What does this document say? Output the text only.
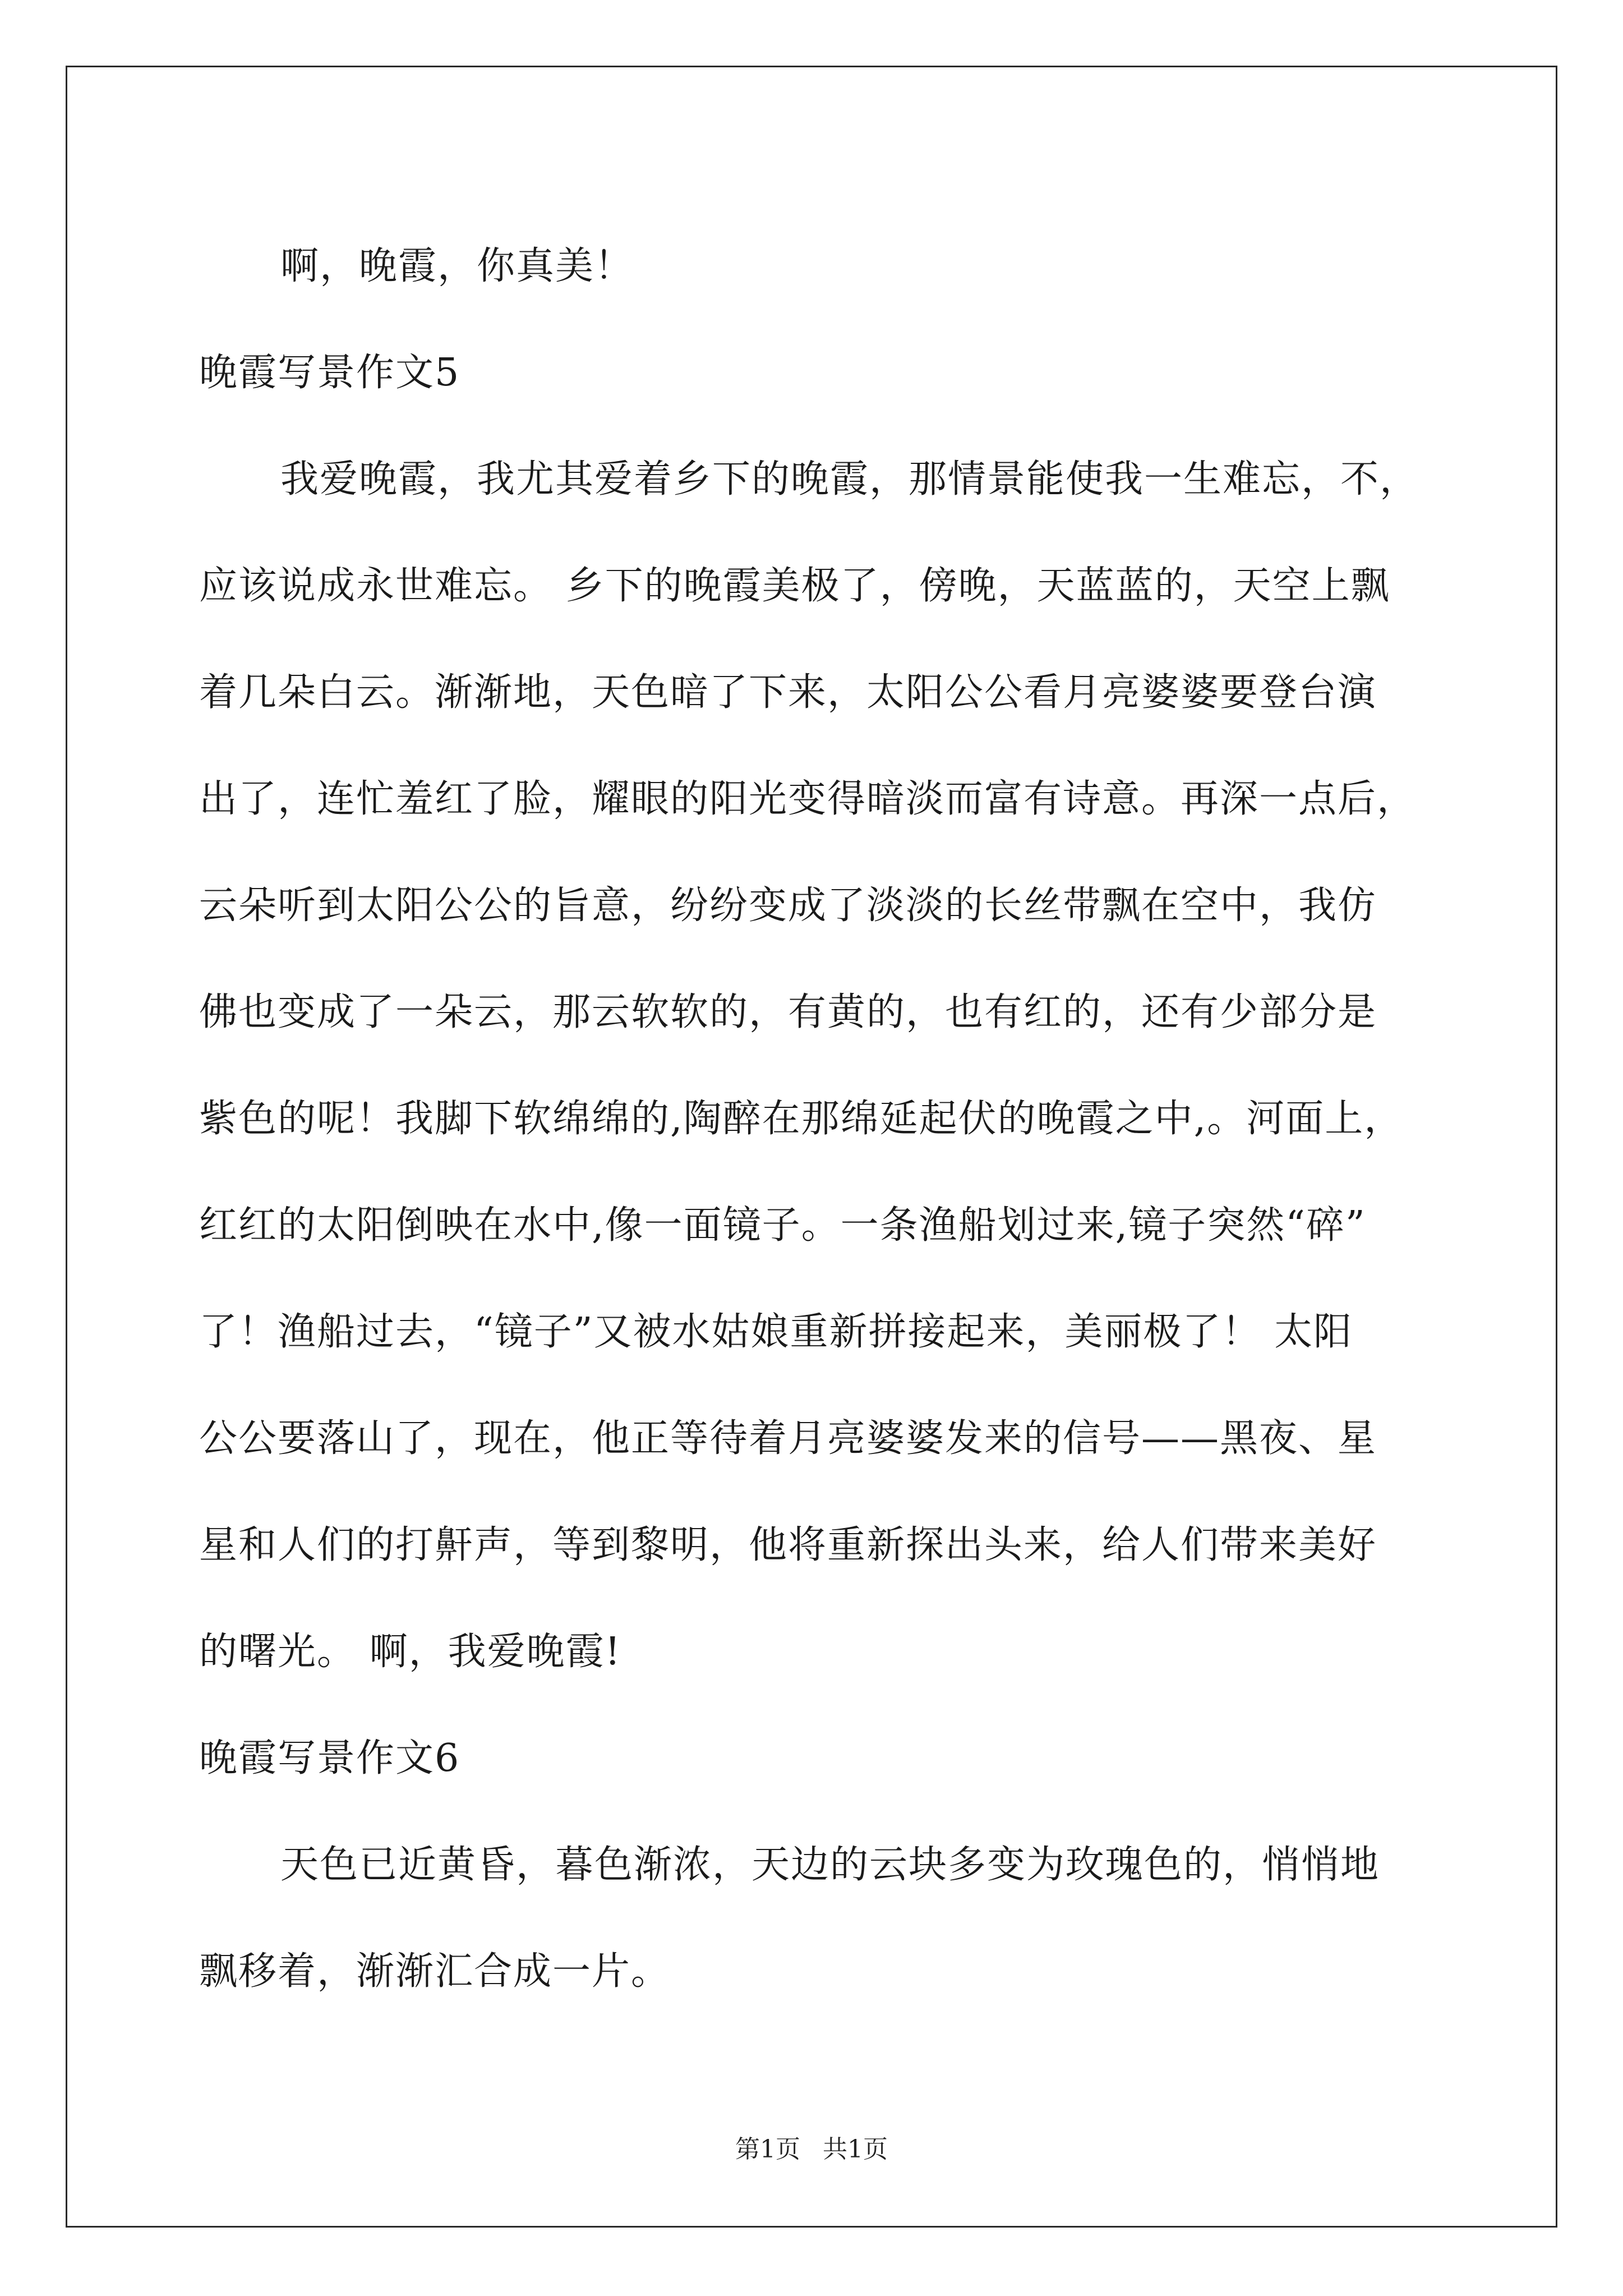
啊，晚霞，你真美！
晚霞写景作文5
我爱晚霞，我尤其爱着乡下的晚霞，那情景能使我一生难忘，不，
应该说成永世难忘。 乡下的晚霞美极了，傍晚，天蓝蓝的，天空上飘
着几朵白云。渐渐地，天色暗了下来，太阳公公看月亮婆婆要登台演
出了，连忙羞红了脸，耀眼的阳光变得暗淡而富有诗意。再深一点后，
云朵听到太阳公公的旨意，纷纷变成了淡淡的长丝带飘在空中，我仿
佛也变成了一朵云，那云软软的，有黄的，也有红的，还有少部分是
紫色的呢！我脚下软绵绵的,陶醉在那绵延起伏的晚霞之中,。河面上，
红红的太阳倒映在水中,像一面镜子。一条渔船划过来,镜子突然“碎”
了！渔船过去，“镜子”又被水姑娘重新拼接起来，美丽极了！ 太阳
公公要落山了，现在，他正等待着月亮婆婆发来的信号——黑夜、星
星和人们的打鼾声，等到黎明，他将重新探出头来，给人们带来美好
的曙光。 啊，我爱晚霞!
晚霞写景作文6
天色已近黄昏，暮色渐浓，天边的云块多变为玫瑰色的，悄悄地
飘移着，渐渐汇合成一片。
第1页 共1页
